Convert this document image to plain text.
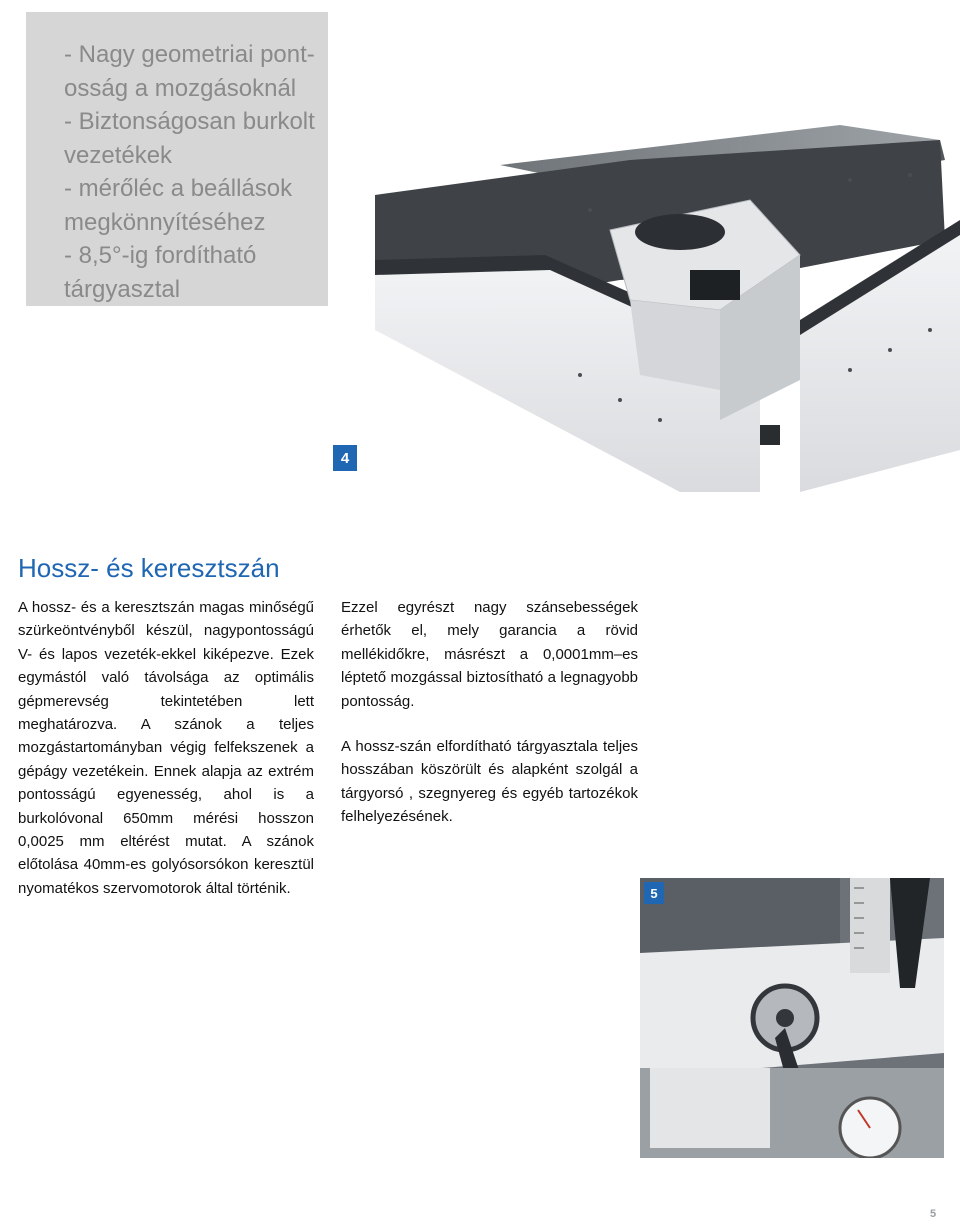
- Nagy geometriai pont-
osság a mozgásoknál
- Biztonságosan burkolt
vezetékek
- mérőléc a beállások
megkönnyítéséhez
- 8,5°-ig fordítható
tárgyasztal
4
Hossz- és keresztszán

A hossz- és a keresztszán magas minőségű szürkeöntvényből készül, nagypontosságú V- és lapos vezeték-ekkel kiképezve. Ezek egymástól való távolsága az optimális gépmerevség tekintetében lett meghatározva. A szánok a teljes mozgástartományban végig felfekszenek a gépágy vezetékein. Ennek alapja az extrém pontosságú egyenesség, ahol is a burkolóvonal 650mm mérési hosszon 0,0025 mm eltérést mutat. A szánok előtolása 40mm-es golyósorsókon keresztül nyomatékos szervomotorok által történik.

Ezzel egyrészt nagy szánsebességek érhetők el, mely garancia a rövid mellékidőkre, másrészt a 0,0001mm–es léptető mozgással biztosítható a legnagyobb pontosság.

A hossz-szán elfordítható tárgyasztala teljes hosszában köszörült és alapként szolgál a tárgyorsó , szegnyereg és egyéb tartozékok felhelyezésének.

5
5
